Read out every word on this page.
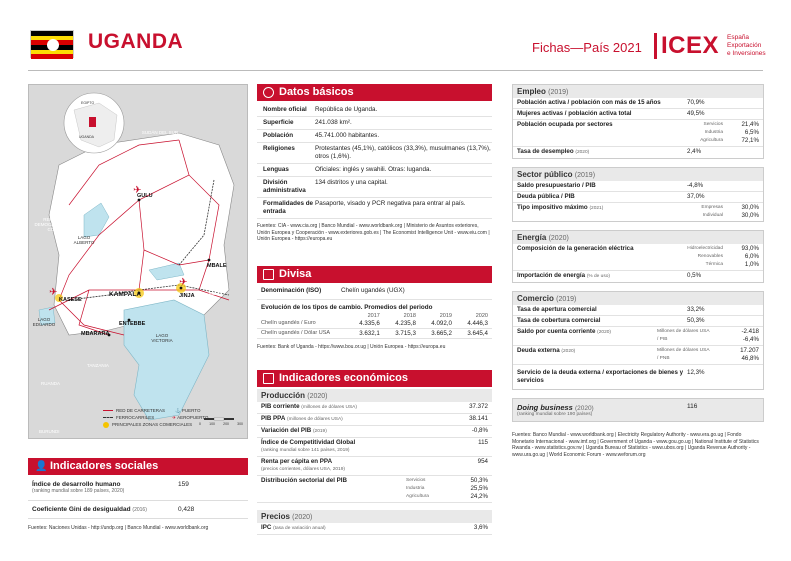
UGANDA	Fichas—País 2021 ICEX España
Exportación
e Inversiones
✈
✈
✈
EGIPTO
UGANDA
SUDÁN DEL SUR
GULU
REPÚBLICA DEMOCRÁTICA DEL CONGO
LAGO ALBERTO
MBALE
KENIA
KASESE
KAMPALA	JINJA
LAGO EDUARDO
MBARARA
ENTEBBE
LAGO VICTORIA
TANZANIA
RUANDA
BURUNDI
RED DE CARRETERAS ⚓ PUERTO
FERROCARRILES	✈ AEROPUERTO
PRINCIPALES ZONAS COMERCIALES	0 100 200 300
👤 Indicadores sociales
Índice de desarrollo humano
(ranking mundial sobre 189 países, 2020)
159
Coeficiente Gini de desigualdad (2016)	0,428
Fuentes: Naciones Unidas - http://undp.org | Banco Mundial - www.worldbank.org
Datos básicos
Nombre oficial	República de Uganda.
Superficie	241.038 km².
Población	45.741.000 habitantes.
Religiones	Protestantes (45,1%), católicos (33,3%), musulmanes (13,7%), otros (1,6%).
Lenguas	Oficiales: inglés y swahili. Otras: luganda.
División administrativa
134 distritos y una capital.
Formalidades de entrada
Pasaporte, visado y PCR negativa para entrar al país.
Fuentes: CIA - www.cia.org | Banco Mundial - www.worldbank.org | Ministerio de Asuntos exteriores, Unión Europea y Cooperación - www.exteriores.gob.es | The Economist Intelligence Unit - www.eiu.com | Unión Europea - https://europa.eu
Divisa
Denominación (ISO)	Chelín ugandés (UGX)
Evolución de los tipos de cambio. Promedios del periodo
2017	2018	2019	2020
Chelín ugandés / Euro	4.335,6	4.235,8	4.092,0	4.446,3
Chelín ugandés / Dólar USA	3.632,1	3.715,3	3.665,2	3.645,4
Fuentes: Bank of Uganda - https://www.bou.or.ug | Unión Europea - https://europa.eu
Indicadores económicos
Producción (2020)
PIB corriente (millones de dólares USA)	37.372
PIB PPA (millones de dólares USA)	38.141
Variación del PIB (2019)	-0,8%
Índice de Competitividad Global
(ranking mundial sobre 141 países, 2019)
115
Renta per cápita en PPA
(precios corrientes, dólares USA, 2019)
954
Distribución sectorial del PIB	Servicios	50,3%
Industria	25,5%
Agricultura	24,2%
Precios (2020)
IPC (tasa de variación anual)	3,6%
Empleo (2019)
Población activa / población con más de 15 años	70,9%
Mujeres activas / población activa total	49,5%
Población ocupada por sectores	Servicios	21,4%
Industria	6,5%
Agricultura	72,1%
Tasa de desempleo (2020)	2,4%
Sector público (2019)
Saldo presupuestario / PIB	-4,8%
Deuda pública / PIB	37,0%
Tipo impositivo máximo (2021)	Empresas	30,0%
Individual	30,0%
Energía (2020)
Composición de la generación eléctrica	Hidroelectricidad	93,0%
Renovables	6,0%
Térmica	1,0%
Importación de energía (% de uso)	0,5%
Comercio (2019)
Tasa de apertura comercial	33,2%
Tasa de cobertura comercial	50,3%
Saldo por cuenta corriente (2020)	Millones de dólares USA	-2.418
/ PIB	-6,4%
Deuda externa (2020)	Millones de dólares USA	17.207
/ PNB	46,8%
Servicio de la deuda externa / exportaciones de bienes y servicios
12,3%
Doing business (2020)
(ranking mundial sobre 190 países)
116
Fuentes: Banco Mundial - www.worldbank.org | Electricity Regulatory Authority - www.era.go.ug | Fondo Monetario Internacional - www.imf.org | Government of Uganda - www.gou.go.ug | National Institute of Statistics Rwanda - www.statistics.gov.rw | Uganda Bureau of Statistics - www.ubos.org | Uganda Revenue Authority - www.ura.go.ug | World Economic Forum - www.weforum.org
